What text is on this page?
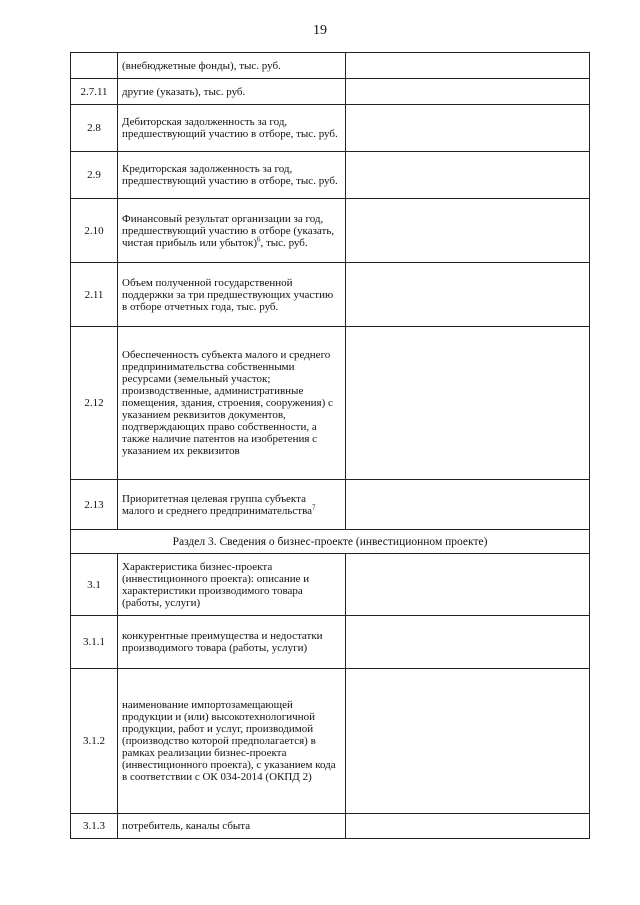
19
	(внебюджетные фонды), тыс. руб.	

2.7.11	другие (указать), тыс. руб.	

2.8	Дебиторская задолженность за год, предшествующий участию в отборе, тыс. руб.	

2.9	Кредиторская задолженность за год, предшествующий участию в отборе, тыс. руб.	

2.10	Финансовый результат организации за год, предшествующий участию в отборе (указать, чистая прибыль или убыток)$^6$, тыс. руб.	

2.11	Объем полученной государственной поддержки за три предшествующих участию в отборе отчетных года, тыс. руб.	

2.12	Обеспеченность субъекта малого и среднего предпринимательства собственными ресурсами (земельный участок; производственные, административные помещения, здания, строения, сооружения) с указанием реквизитов документов, подтверждающих право собственности, а также наличие патентов на изобретения с указанием их реквизитов	

2.13	Приоритетная целевая группа субъекта малого и среднего предпринимательства$^7$	

Раздел 3. Сведения о бизнес-проекте (инвестиционном проекте)		
3.1	Характеристика бизнес-проекта (инвестиционного проекта): описание и характеристики производимого товара (работы, услуги)	

3.1.1	конкурентные преимущества и недостатки производимого товара (работы, услуги)	

3.1.2	наименование импортозамещающей продукции и (или) высокотехнологичной продукции, работ и услуг, производимой (производство которой предполагается) в рамках реализации бизнес-проекта (инвестиционного проекта), с указанием кода в соответствии с ОК 034-2014 (ОКПД 2)	

3.1.3	потребитель, каналы сбыта	
